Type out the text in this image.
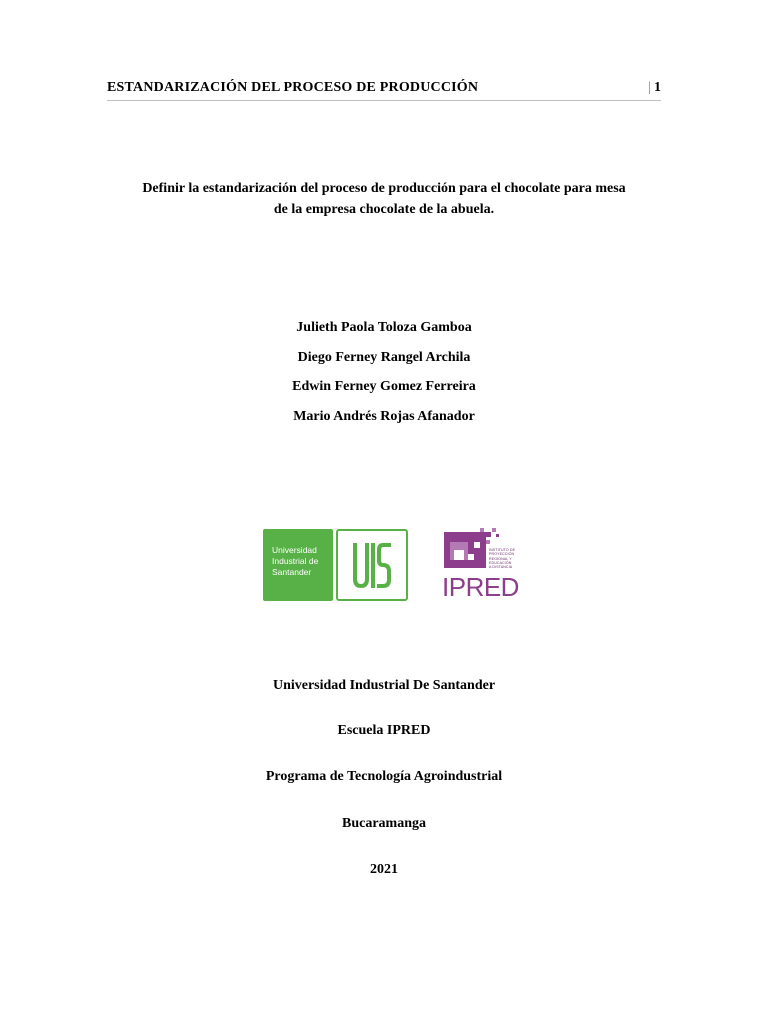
ESTANDARIZACIÓN DEL PROCESO DE PRODUCCIÓN	| 1
Definir la estandarización del proceso de producción para el chocolate para mesa
de la empresa chocolate de la abuela.
Julieth Paola Toloza Gamboa
Diego Ferney Rangel Archila
Edwin Ferney Gomez Ferreira
Mario Andrés Rojas Afanador
Universidad
Industrial de
Santander
INSTITUTO DE
PROYECCIÓN
REGIONAL Y
EDUCACIÓN
A DISTANCIA
IPRED
Universidad Industrial De Santander
Escuela IPRED
Programa de Tecnología Agroindustrial
Bucaramanga
2021
